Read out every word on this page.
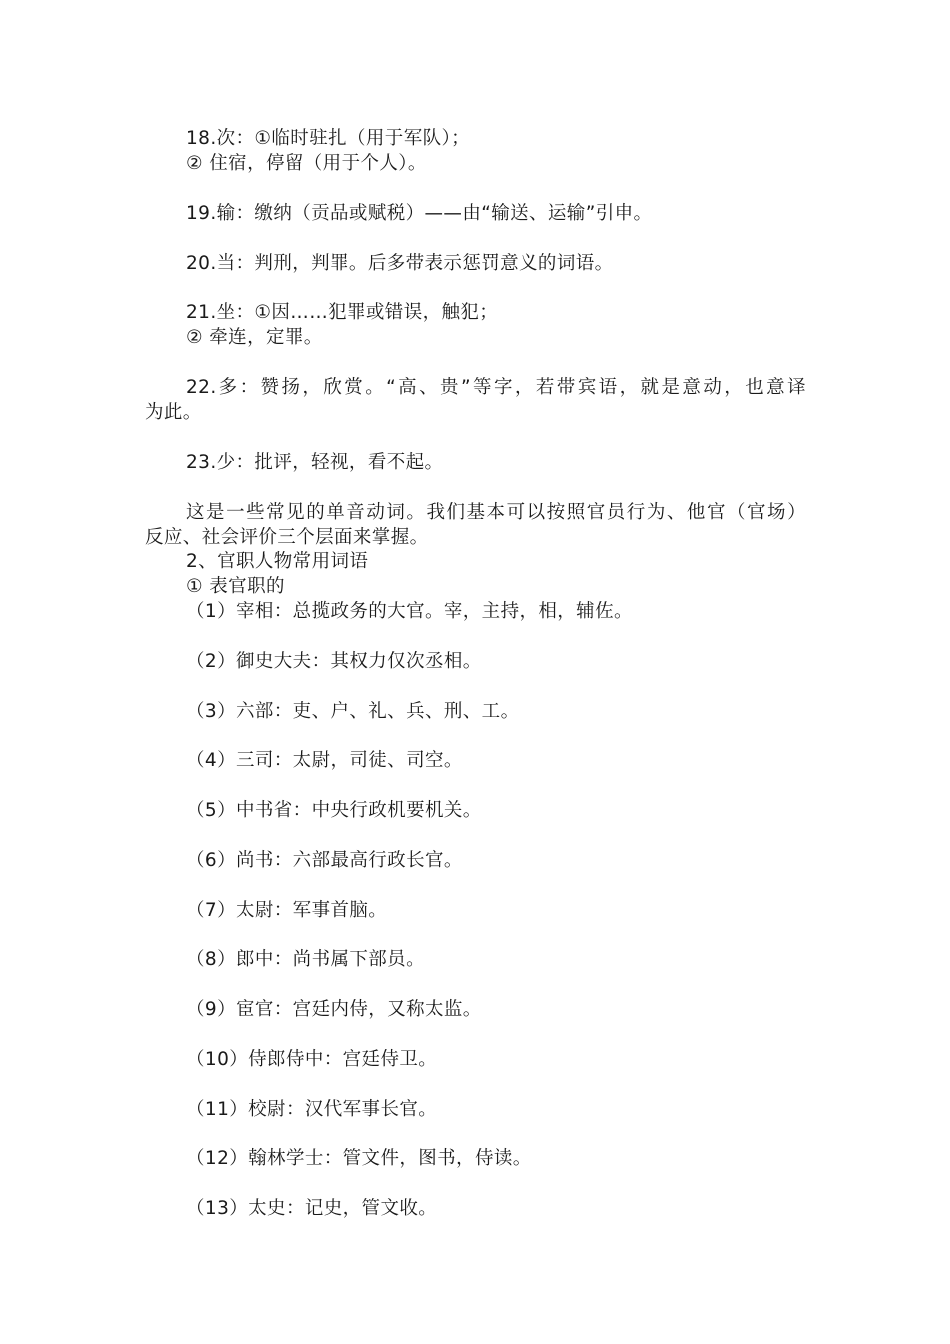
18.次：①临时驻扎（用于军队）；
② 住宿，停留（用于个人）。
19.输：缴纳（贡品或赋税）——由“输送、运输”引申。
20.当：判刑，判罪。后多带表示惩罚意义的词语。
21.坐：①因……犯罪或错误，触犯；
② 牵连，定罪。
22.多：赞扬，欣赏。“高、贵”等字，若带宾语，就是意动，也意译
为此。
23.少：批评，轻视，看不起。
这是一些常见的单音动词。我们基本可以按照官员行为、他官（官场）
反应、社会评价三个层面来掌握。
2、官职人物常用词语
① 表官职的
（1）宰相：总揽政务的大官。宰，主持，相，辅佐。
（2）御史大夫：其权力仅次丞相。
（3）六部：吏、户、礼、兵、刑、工。
（4）三司：太尉，司徒、司空。
（5）中书省：中央行政机要机关。
（6）尚书：六部最高行政长官。
（7）太尉：军事首脑。
（8）郎中：尚书属下部员。
（9）宦官：宫廷内侍，又称太监。
（10）侍郎侍中：宫廷侍卫。
（11）校尉：汉代军事长官。
（12）翰林学士：管文件，图书，侍读。
（13）太史：记史，管文收。
